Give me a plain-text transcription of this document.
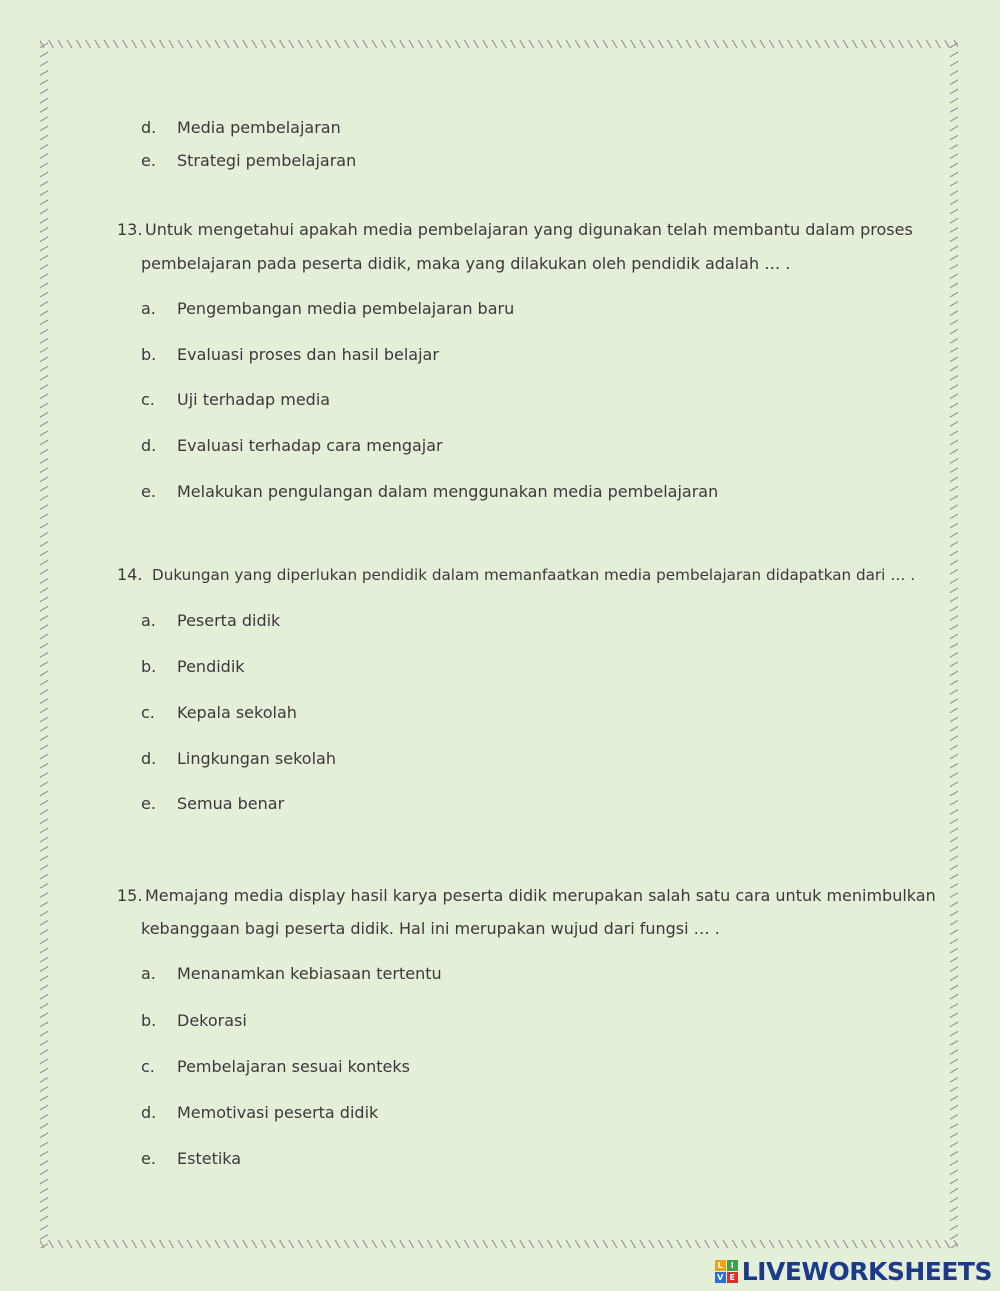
d.	Media pembelajaran
e.	Strategi pembelajaran
13. Untuk mengetahui apakah media pembelajaran yang digunakan telah membantu dalam proses
pembelajaran pada peserta didik, maka yang dilakukan oleh pendidik adalah … .
a.	Pengembangan media pembelajaran baru
b.	Evaluasi proses dan hasil belajar
c.	Uji terhadap media
d.	Evaluasi terhadap cara mengajar
e.	Melakukan pengulangan dalam menggunakan media pembelajaran
14. Dukungan yang diperlukan pendidik dalam memanfaatkan media pembelajaran didapatkan dari … .
a.	Peserta didik
b.	Pendidik
c.	Kepala sekolah
d.	Lingkungan sekolah
e.	Semua benar
15. Memajang media display hasil karya peserta didik merupakan salah satu cara untuk menimbulkan
kebanggaan bagi peserta didik. Hal ini merupakan wujud dari fungsi … .
a.	Menanamkan kebiasaan tertentu
b.	Dekorasi
c.	Pembelajaran sesuai konteks
d.	Memotivasi peserta didik
e.	Estetika
L I
V E LIVEWORKSHEETS
